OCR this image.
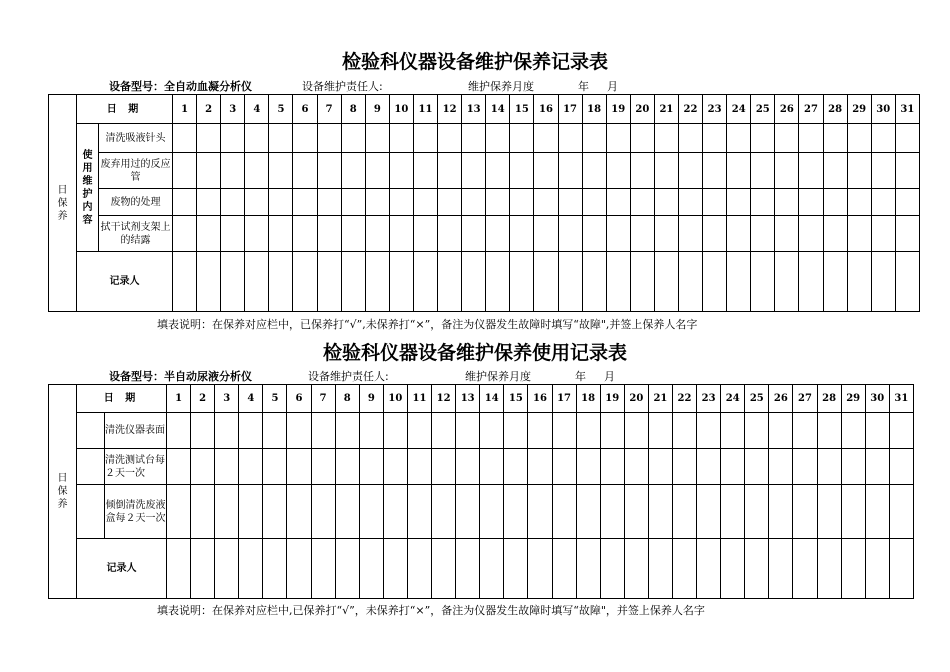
检验科仪器设备维护保养记录表
设备型号：全自动血凝分析仪	设备维护责任人:	维护保养月度	年 月
日保养	日 期		1	2	3	4	5	6	7	8	9	10	11	12	13	14	15	16	17	18	19	20	21	22	23	24	25	26	27	28	29	30	31
	使用维护内容	清洗吸液针头																															
		废弃用过的反应管																															
		废物的处理																															
		拭干试剂支架上的结露																															
	记录人																																
填表说明：在保养对应栏中，已保养打“√”,未保养打“×”，备注为仪器发生故障时填写“故障",并签上保养人名字
检验科仪器设备维护保养使用记录表
设备型号：半自动尿液分析仪	设备维护责任人:	维护保养月度	年 月
日保养	日 期		1	2	3	4	5	6	7	8	9	10	11	12	13	14	15	16	17	18	19	20	21	22	23	24	25	26	27	28	29	30	31
		清洗仪器表面																															
		清洗测试台每２天一次																															
		倾倒清洗废液盒每２天一次																															
	记录人																																
填表说明：在保养对应栏中,已保养打“√”，未保养打“×”，备注为仪器发生故障时填写“故障"，并签上保养人名字
